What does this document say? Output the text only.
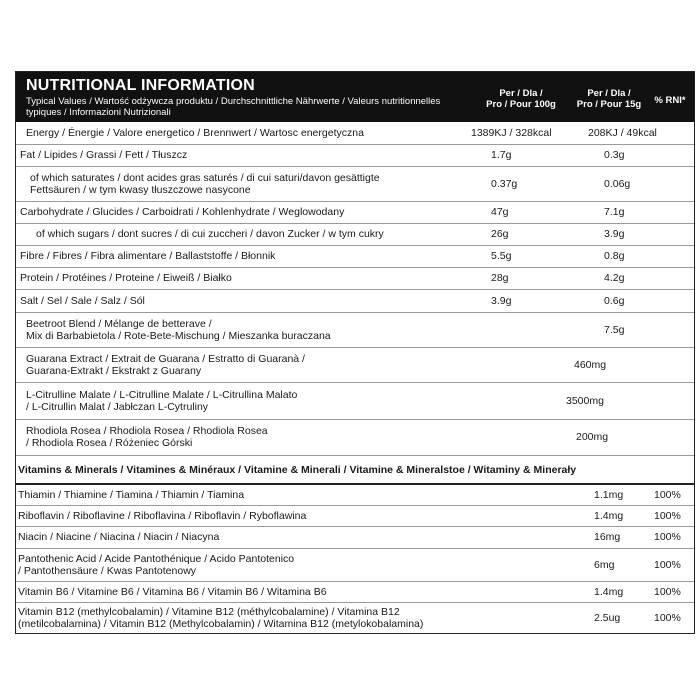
NUTRITIONAL INFORMATION
Typical Values / Wartość odżywcza produktu / Durchschnittliche Nährwerte / Valeurs nutritionnelles typiques / Informazioni Nutrizionali
Per / Dla /
Pro / Pour 100g
Per / Dla /
Pro / Pour 15g	% RNI*
Energy / Énergie / Valore energetico / Brennwert / Wartosc energetyczna	1389KJ / 328kcal	208KJ / 49kcal
Fat / Lipides / Grassi / Fett / Tłuszcz	1.7g	0.3g
of which saturates / dont acides gras saturés / di cui saturi/davon gesättigte
Fettsäuren / w tym kwasy tłuszczowe nasycone	0.37g	0.06g
Carbohydrate / Glucides / Carboidrati / Kohlenhydrate / Weglowodany	47g	7.1g
of which sugars / dont sucres / di cui zuccheri / davon Zucker / w tym cukry	26g	3.9g
Fibre / Fibres / Fibra alimentare / Ballaststoffe / Błonnik	5.5g	0.8g
Protein / Protéines / Proteine / Eiweiß / Białko	28g	4.2g
Salt / Sel / Sale / Salz / Sól	3.9g	0.6g
Beetroot Blend / Mélange de betterave /
Mix di Barbabietola / Rote-Bete-Mischung / Mieszanka buraczana	7.5g
Guarana Extract / Extrait de Guarana / Estratto di Guaranà /
Guarana-Extrakt / Ekstrakt z Guarany	460mg
L-Citrulline Malate / L-Citrulline Malate / L-Citrullina Malato
/ L-Citrullin Malat / Jabłczan L-Cytruliny	3500mg
Rhodiola Rosea / Rhodiola Rosea / Rhodiola Rosea
/ Rhodiola Rosea / Różeniec Górski	200mg
Vitamins & Minerals / Vitamines & Minéraux / Vitamine & Minerali / Vitamine & Mineralstoe / Witaminy & Minerały
Thiamin / Thiamine / Tiamina / Thiamin / Tiamina	1.1mg	100%
Riboflavin / Riboflavine / Riboflavina / Riboflavin / Ryboflawina	1.4mg	100%
Niacin / Niacine / Niacina / Niacin / Niacyna	16mg	100%
Pantothenic Acid / Acide Pantothénique / Acido Pantotenico
/ Pantothensäure / Kwas Pantotenowy	6mg	100%
Vitamin B6 / Vitamine B6 / Vitamina B6 / Vitamin B6 / Witamina B6	1.4mg	100%
Vitamin B12 (methylcobalamin) / Vitamine B12 (méthylcobalamine) / Vitamina B12
(metilcobalamina) / Vitamin B12 (Methylcobalamin) / Witamina B12 (metylokobalamina)	2.5ug	100%
